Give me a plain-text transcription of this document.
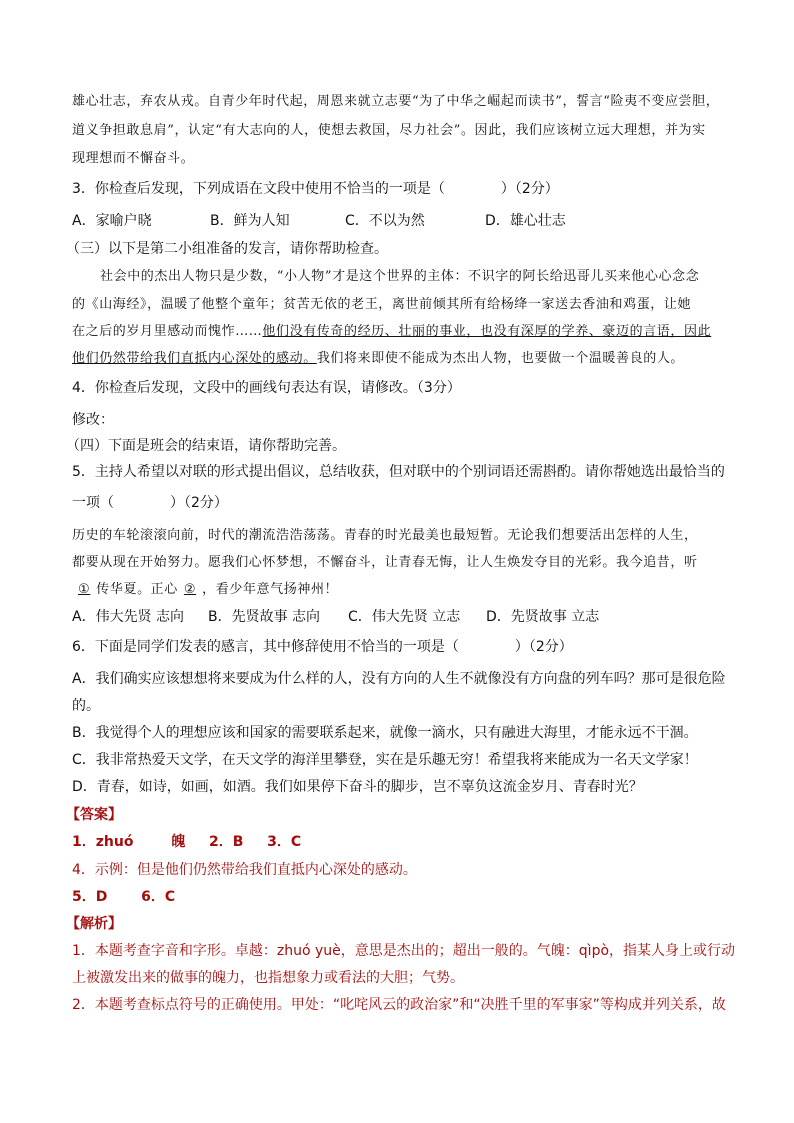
雄心壮志，弃农从戎。自青少年时代起，周恩来就立志要“为了中华之崛起而读书”，誓言“险夷不变应尝胆，
道义争担敢息肩”，认定“有大志向的人，使想去救国，尽力社会”。因此，我们应该树立远大理想，并为实
现理想而不懈奋斗。
3．你检查后发现，下列成语在文段中使用不恰当的一项是（　　　　）（2分）
A．家喻户晓	B．鲜为人知	C．不以为然	D．雄心壮志
（三）以下是第二小组准备的发言，请你帮助检查。
社会中的杰出人物只是少数，“小人物”才是这个世界的主体：不识字的阿长给迅哥儿买来他心心念念
的《山海经》，温暖了他整个童年；贫苦无依的老王，离世前倾其所有给杨绛一家送去香油和鸡蛋，让她
在之后的岁月里感动而愧怍……他们没有传奇的经历、壮丽的事业，也没有深厚的学养、豪迈的言语，因此
他们仍然带给我们直抵内心深处的感动。我们将来即使不能成为杰出人物，也要做一个温暖善良的人。
4．你检查后发现，文段中的画线句表达有误，请修改。（3分）
修改：
（四）下面是班会的结束语，请你帮助完善。
5．主持人希望以对联的形式提出倡议，总结收获，但对联中的个别词语还需斟酌。请你帮她选出最恰当的
一项（　　　　）（2分）
历史的车轮滚滚向前，时代的潮流浩浩荡荡。青春的时光最美也最短暂。无论我们想要活出怎样的人生，
都要从现在开始努力。愿我们心怀梦想，不懈奋斗，让青春无悔，让人生焕发夺目的光彩。我今追昔，听
① 传华夏。正心 ② ，看少年意气扬神州！
A．伟大先贤 志向 B．先贤故事 志向 C．伟大先贤 立志 D．先贤故事 立志
6．下面是同学们发表的感言，其中修辞使用不恰当的一项是（　　　　）（2分）
A．我们确实应该想想将来要成为什么样的人，没有方向的人生不就像没有方向盘的列车吗？那可是很危险
的。
B．我觉得个人的理想应该和国家的需要联系起来，就像一滴水，只有融进大海里，才能永远不干涸。
C．我非常热爱天文学，在天文学的海洋里攀登，实在是乐趣无穷！希望我将来能成为一名天文学家！
D．青春，如诗，如画，如酒。我们如果停下奋斗的脚步，岂不辜负这流金岁月、青春时光？
【答案】
1．zhuó	魄 2．B 3．C
4．示例：但是他们仍然带给我们直抵内心深处的感动。
5．D 6．C
【解析】
1．本题考查字音和字形。卓越：zhuó yuè，意思是杰出的；超出一般的。气魄：qìpò，指某人身上或行动
上被激发出来的做事的魄力，也指想象力或看法的大胆；气势。
2．本题考查标点符号的正确使用。甲处：“叱咤风云的政治家”和“决胜千里的军事家”等构成并列关系，故
